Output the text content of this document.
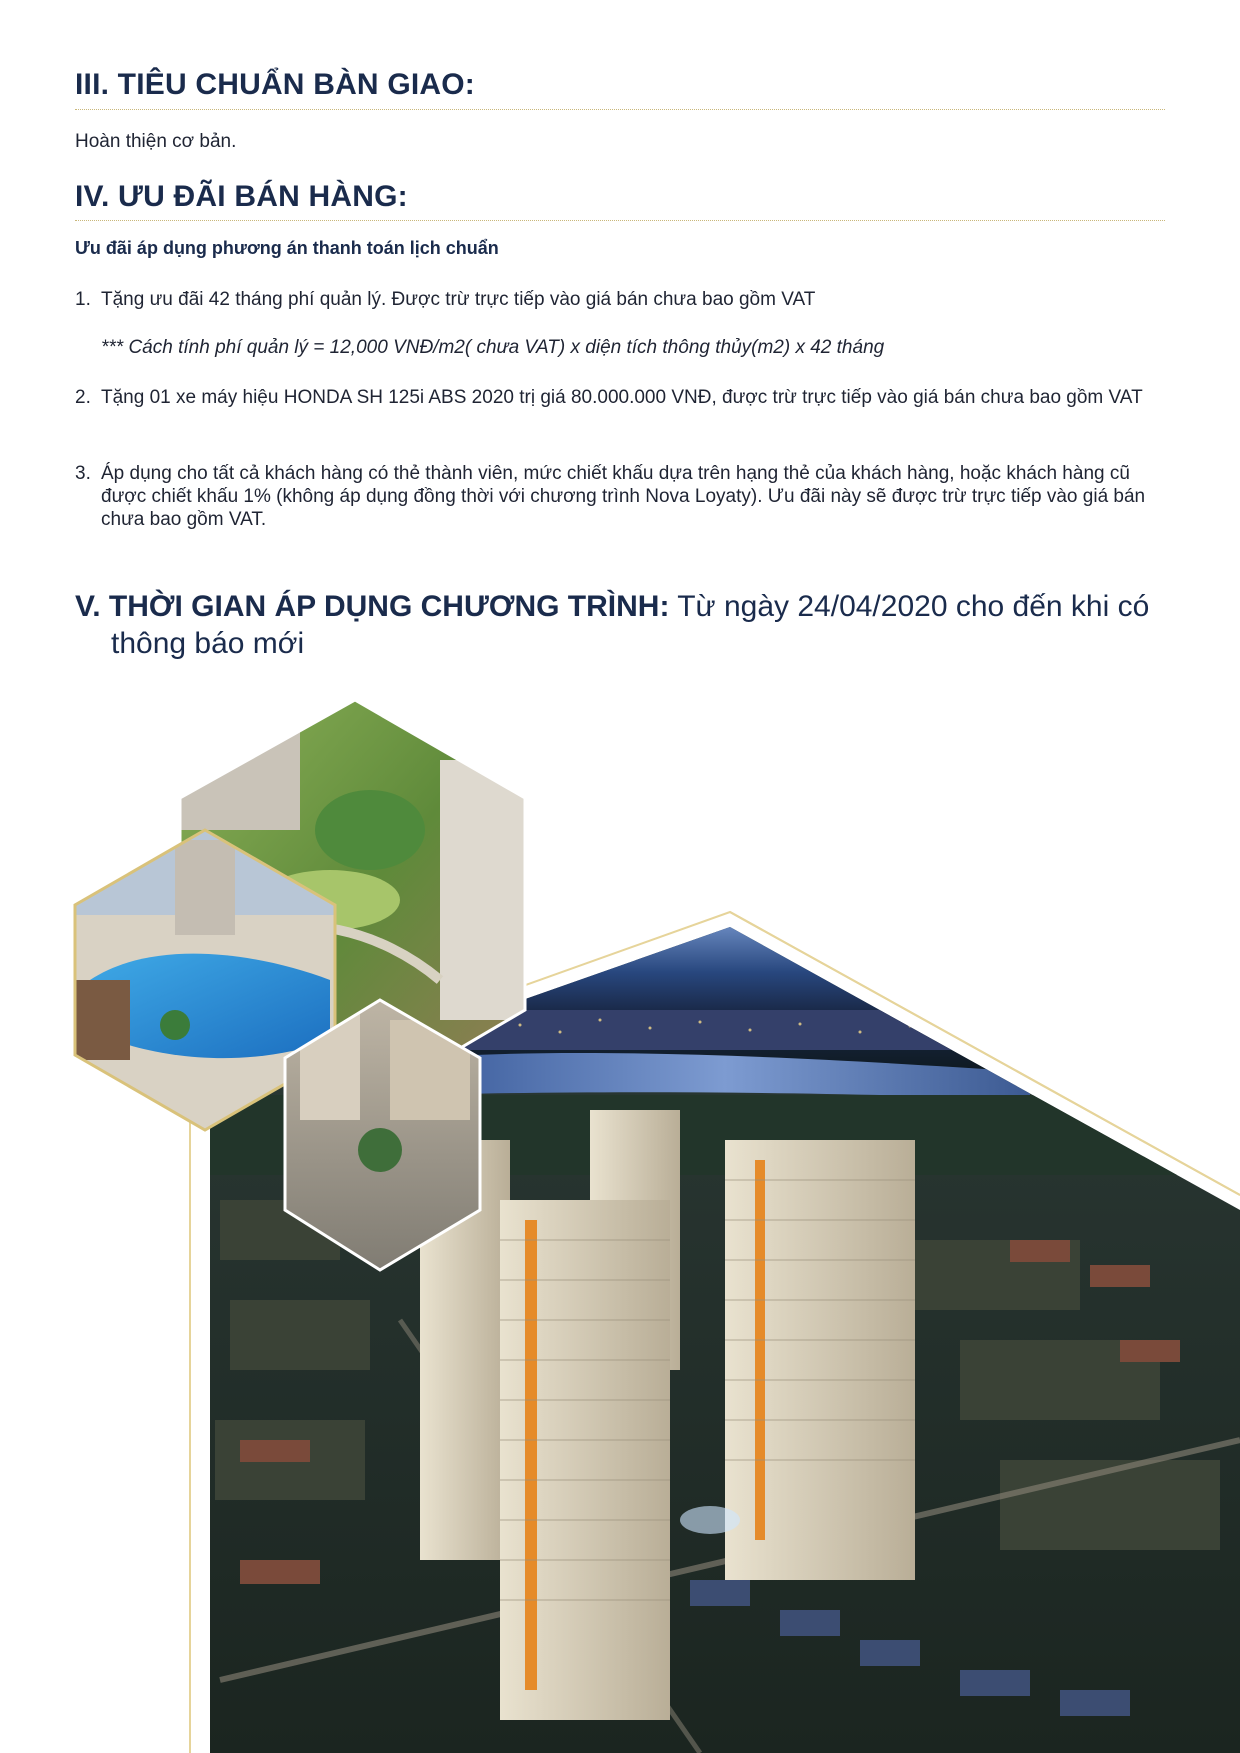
III. TIÊU CHUẨN BÀN GIAO:

Hoàn thiện cơ bản.

IV. ƯU ĐÃI BÁN HÀNG:

Ưu đãi áp dụng phương án thanh toán lịch chuẩn

1. Tặng ưu đãi 42 tháng phí quản lý. Được trừ trực tiếp vào giá bán chưa bao gồm VAT

*** Cách tính phí quản lý = 12,000 VNĐ/m2( chưa VAT) x diện tích thông thủy(m2) x 42 tháng

2. Tặng 01 xe máy hiệu HONDA SH 125i ABS 2020 trị giá 80.000.000 VNĐ, được trừ trực tiếp vào giá bán chưa bao gồm VAT
3. Áp dụng cho tất cả khách hàng có thẻ thành viên, mức chiết khấu dựa trên hạng thẻ của khách hàng, hoặc khách hàng cũ được chiết khấu 1% (không áp dụng đồng thời với chương trình Nova Loyaty). Ưu đãi này sẽ được trừ trực tiếp vào giá bán chưa bao gồm VAT.
V. THỜI GIAN ÁP DỤNG CHƯƠNG TRÌNH: Từ ngày 24/04/2020 cho đến khi có
thông báo mới
